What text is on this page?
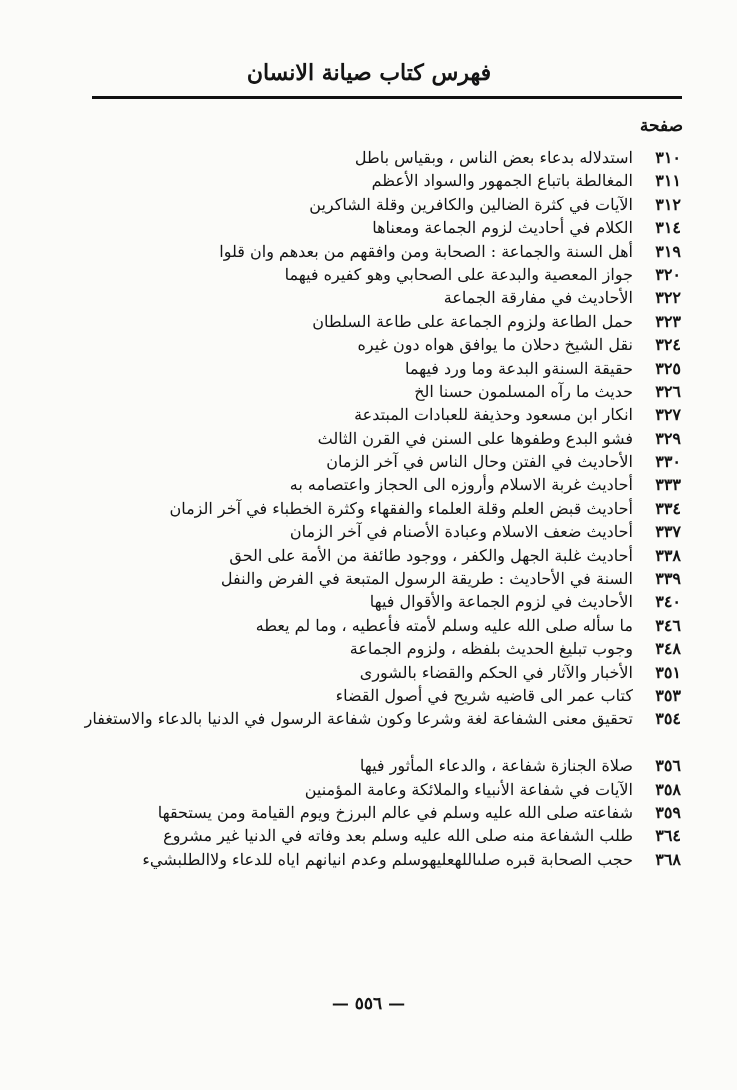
فهرس كتاب صيانة الانسان
صفحة
٣١٠
استدلاله بدعاء بعض الناس ، وبقياس باطل
٣١١
المغالطة باتباع الجمهور والسواد الأعظم
٣١٢
الآيات في كثرة الضالين والكافرين وقلة الشاكرين
٣١٤
الكلام في أحاديث لزوم الجماعة ومعناها
٣١٩
أهل السنة والجماعة : الصحابة ومن وافقهم من بعدهم وان قلوا
٣٢٠
جواز المعصية والبدعة على الصحابي وهو كفيره فيهما
٣٢٢
الأحاديث في مفارقة الجماعة
٣٢٣
حمل الطاعة ولزوم الجماعة على طاعة السلطان
٣٢٤
نقل الشيخ دحلان ما يوافق هواه دون غيره
٣٢٥
حقيقة السنةو البدعة وما ورد فيهما
٣٢٦
حديث ما رآه المسلمون حسنا الخ
٣٢٧
انكار ابن مسعود وحذيفة للعبادات المبتدعة
٣٢٩
فشو البدع وطفوها على السنن في القرن الثالث
٣٣٠
الأحاديث في الفتن وحال الناس في آخر الزمان
٣٣٣
أحاديث غربة الاسلام وأروزه الى الحجاز واعتصامه به
٣٣٤
أحاديث قبض العلم وقلة العلماء والفقهاء وكثرة الخطباء في آخر الزمان
٣٣٧
أحاديث ضعف الاسلام وعبادة الأصنام في آخر الزمان
٣٣٨
أحاديث غلبة الجهل والكفر ، ووجود طائفة من الأمة على الحق
٣٣٩
السنة في الأحاديث : طريقة الرسول المتبعة في الفرض والنفل
٣٤٠
الأحاديث في لزوم الجماعة والأقوال فيها
٣٤٦
ما سأله صلى الله عليه وسلم لأمته فأعطيه ، وما لم يعطه
٣٤٨
وجوب تبليغ الحديث بلفظه ، ولزوم الجماعة
٣٥١
الأخبار والآثار في الحكم والقضاء بالشورى
٣٥٣
كتاب عمر الى قاضيه شريح في أصول القضاء
٣٥٤
تحقيق معنى الشفاعة لغة وشرعا وكون شفاعة الرسول في الدنيا بالدعاء والاستغفار
٣٥٦
صلاة الجنازة شفاعة ، والدعاء المأثور فيها
٣٥٨
الآيات في شفاعة الأنبياء والملائكة وعامة المؤمنين
٣٥٩
شفاعته صلى الله عليه وسلم في عالم البرزخ ويوم القيامة ومن يستحقها
٣٦٤
طلب الشفاعة منه صلى الله عليه وسلم بعد وفاته في الدنيا غير مشروع
٣٦٨
حجب الصحابة قبره صلىاللهعليهوسلم وعدم انيانهم اياه للدعاء ولاالطلبشيء
— ٥٥٦ —
